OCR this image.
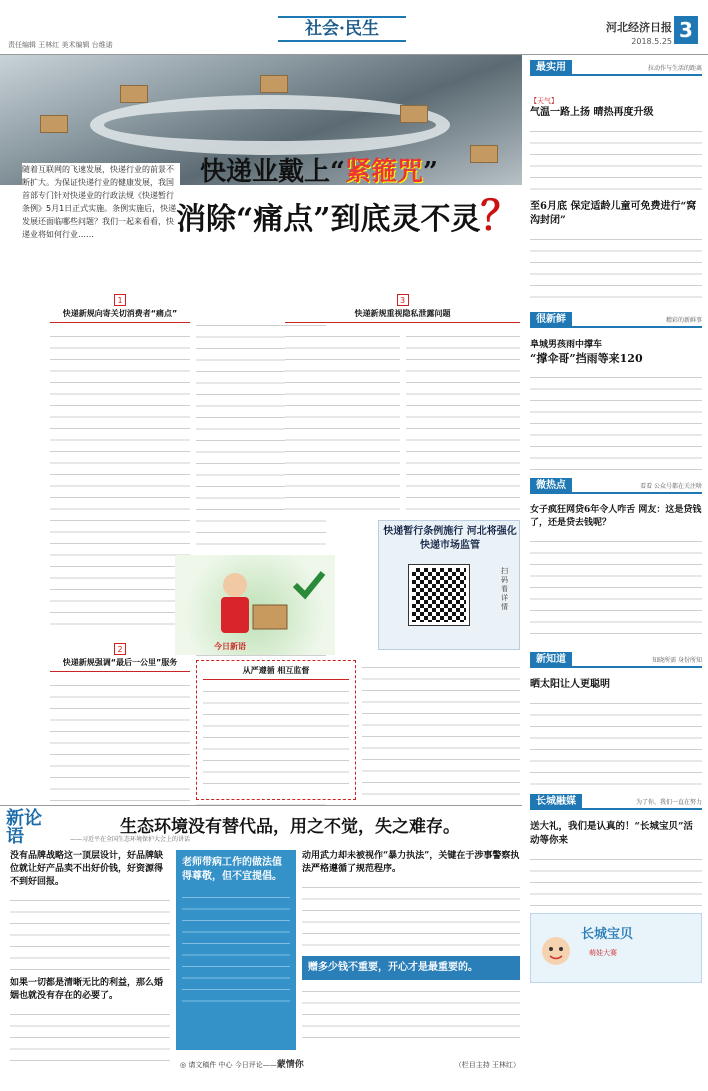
责任编辑 王林红 美术编辑 台维诺
社会·民生	河北经济日报
2018.5.25 3
随着互联网的飞速发展，快递行业的前景不断扩大。为保证快递行业的健康发展，我国首部专门针对快递业的行政法规《快递暂行条例》5月1日正式实施。条例实施后，快递发展还面临哪些问题？我们一起来看看，快递业将如何行业……
快递业戴上“紧箍咒”
消除“痛点”到底灵不灵？
1
快递新规向寄关切消费者“痛点”
2
快递新规强调“最后一公里”服务
3
快递新规重视隐私泄露问题
今日新语
快递暂行条例施行 河北将强化快递市场监管
扫码看详情
从严遵循 相互监督
新论语	生态环境没有替代品，用之不觉，失之难存。
——习近平在全国生态环境保护大会上的讲话
没有品牌战略这一顶层设计，好品牌缺位就让好产品卖不出好价钱，好资源得不到好回报。
如果一切都是清晰无比的利益，那么婚姻也就没有存在的必要了。
老师带病工作的做法值得尊敬，但不宜提倡。
动用武力却未被视作“暴力执法”，关键在于涉事警察执法严格遵循了规范程序。
赠多少钱不重要，开心才是最重要的。
◎ 请文稿件 中心 今日评论——蒙情你	（栏目主持 王林红）
最实用	拉动作与生活的距离
【天气】
气温一路上扬 晴热再度升级
至6月底 保定适龄儿童可免费进行“窝沟封闭”
很新鲜	精彩的新鲜事
阜城男孩雨中撑车
“撑伞哥”挡雨等来120
微热点	看看 公众号都在关注啥
女子疯狂网贷6年令人咋舌 网友：这是贷钱了，还是贷去钱呢？
新知道	知晓所需 身份所知
晒太阳让人更聪明
长城融媒	为了你，我们一直在努力
送大礼，我们是认真的！“长城宝贝”活动等你来
长城宝贝
萌娃大赛
